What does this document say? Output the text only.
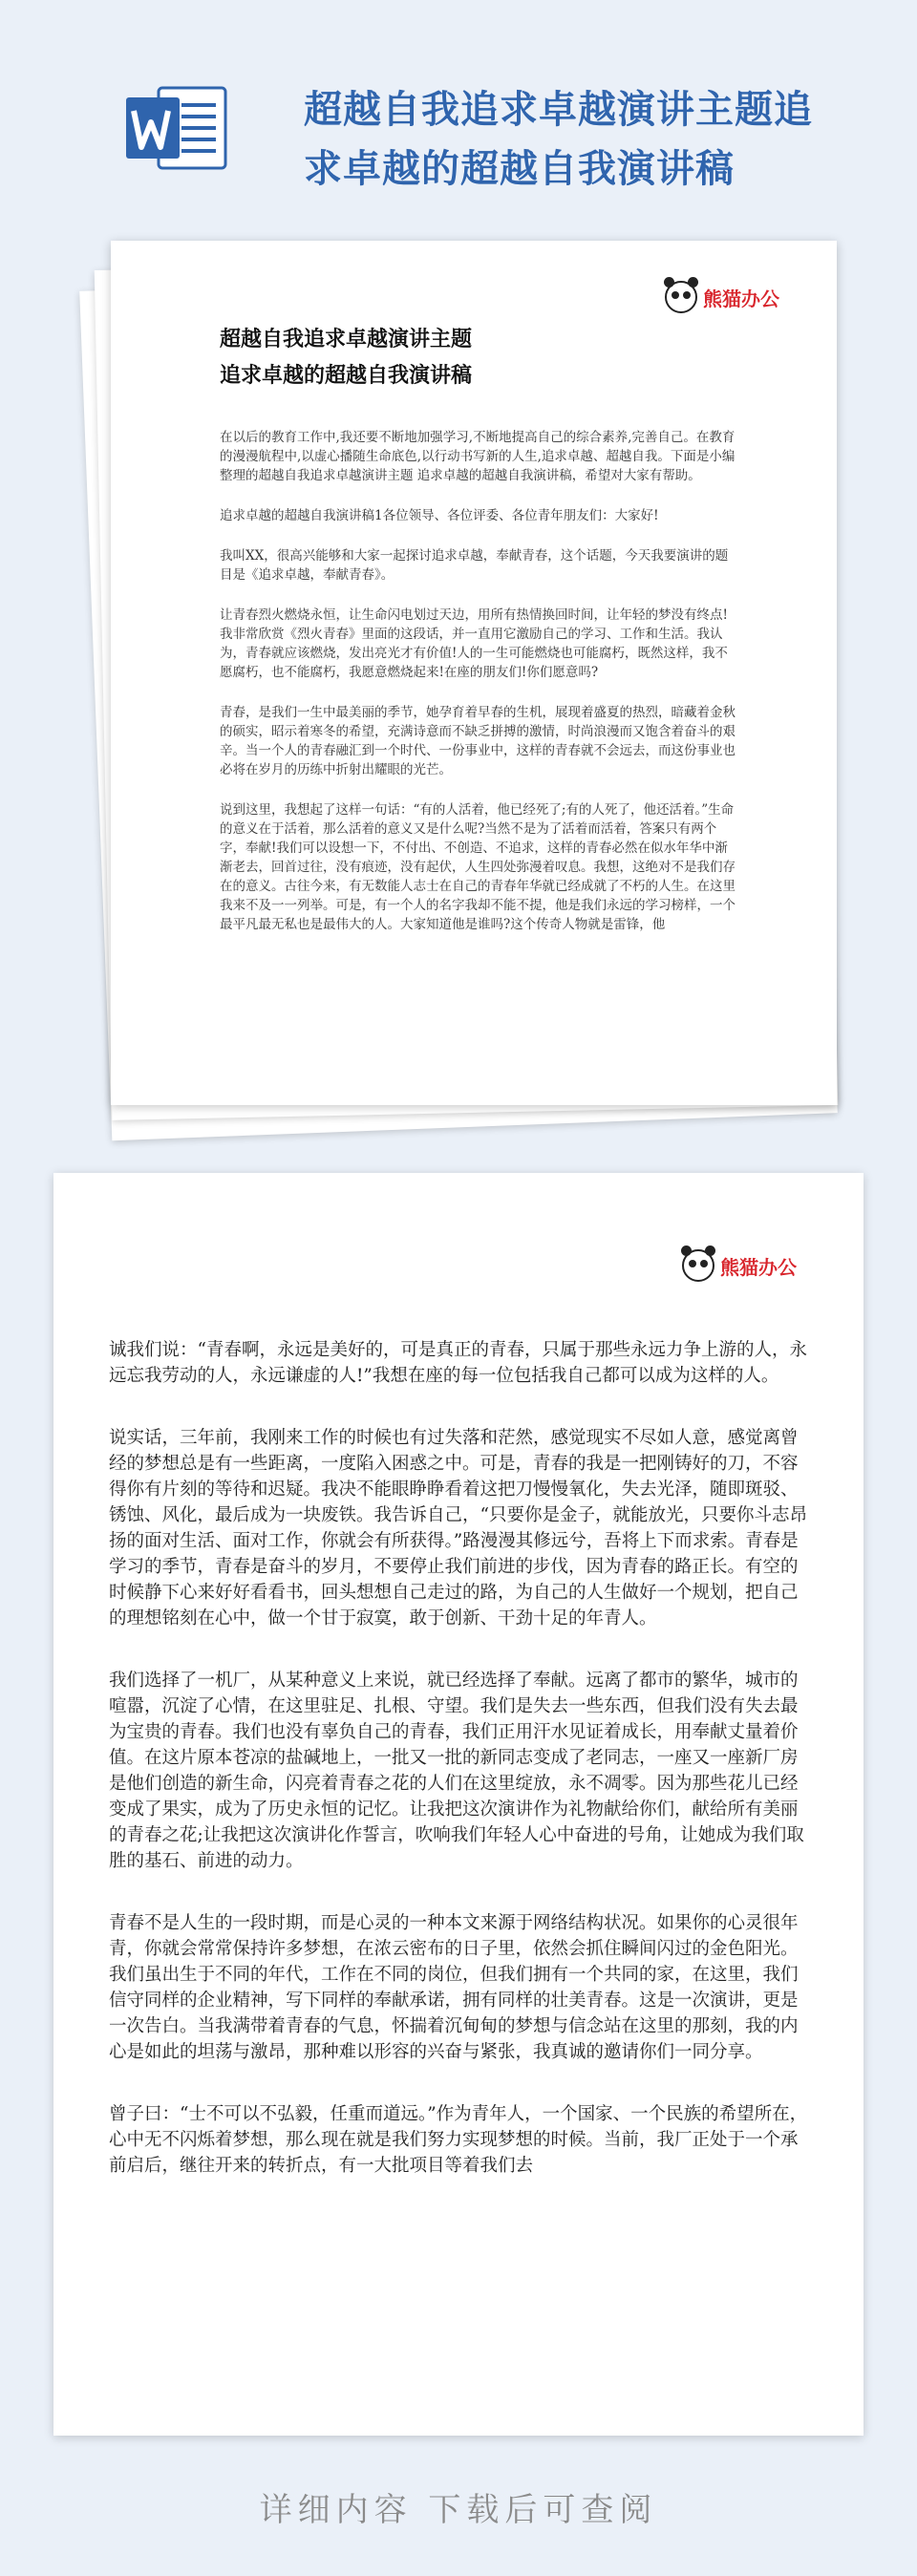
超越自我追求卓越演讲主题追
求卓越的超越自我演讲稿
熊猫办公
超越自我追求卓越演讲主题
追求卓越的超越自我演讲稿

在以后的教育工作中,我还要不断地加强学习,不断地提高自己的综合素养,完善自己。在教育的漫漫航程中,以虚心播随生命底色,以行动书写新的人生,追求卓越、超越自我。下面是小编整理的超越自我追求卓越演讲主题 追求卓越的超越自我演讲稿，希望对大家有帮助。

追求卓越的超越自我演讲稿1各位领导、各位评委、各位青年朋友们：大家好!

我叫XX，很高兴能够和大家一起探讨追求卓越，奉献青春，这个话题，今天我要演讲的题目是《追求卓越，奉献青春》。

让青春烈火燃烧永恒，让生命闪电划过天边，用所有热情换回时间，让年轻的梦没有终点!我非常欣赏《烈火青春》里面的这段话，并一直用它激励自己的学习、工作和生活。我认为，青春就应该燃烧，发出亮光才有价值!人的一生可能燃烧也可能腐朽，既然这样，我不愿腐朽，也不能腐朽，我愿意燃烧起来!在座的朋友们!你们愿意吗?

青春，是我们一生中最美丽的季节，她孕育着早春的生机，展现着盛夏的热烈，暗藏着金秋的硕实，昭示着寒冬的希望，充满诗意而不缺乏拼搏的激情，时尚浪漫而又饱含着奋斗的艰辛。当一个人的青春融汇到一个时代、一份事业中，这样的青春就不会远去，而这份事业也必将在岁月的历练中折射出耀眼的光芒。

说到这里，我想起了这样一句话：“有的人活着，他已经死了;有的人死了，他还活着。”生命的意义在于活着，那么活着的意义又是什么呢?当然不是为了活着而活着，答案只有两个字，奉献!我们可以设想一下，不付出、不创造、不追求，这样的青春必然在似水年华中渐渐老去，回首过往，没有痕迹，没有起伏，人生四处弥漫着叹息。我想，这绝对不是我们存在的意义。古往今来，有无数能人志士在自己的青春年华就已经成就了不朽的人生。在这里我来不及一一列举。可是，有一个人的名字我却不能不提，他是我们永远的学习榜样，一个最平凡最无私也是最伟大的人。大家知道他是谁吗?这个传奇人物就是雷锋，他

熊猫办公

诚我们说：“青春啊，永远是美好的，可是真正的青春，只属于那些永远力争上游的人，永远忘我劳动的人，永远谦虚的人!”我想在座的每一位包括我自己都可以成为这样的人。

说实话，三年前，我刚来工作的时候也有过失落和茫然，感觉现实不尽如人意，感觉离曾经的梦想总是有一些距离，一度陷入困惑之中。可是，青春的我是一把刚铸好的刀，不容得你有片刻的等待和迟疑。我决不能眼睁睁看着这把刀慢慢氧化，失去光泽，随即斑驳、锈蚀、风化，最后成为一块废铁。我告诉自己，“只要你是金子，就能放光，只要你斗志昂扬的面对生活、面对工作，你就会有所获得。”路漫漫其修远兮，吾将上下而求索。青春是学习的季节，青春是奋斗的岁月，不要停止我们前进的步伐，因为青春的路正长。有空的时候静下心来好好看看书，回头想想自己走过的路，为自己的人生做好一个规划，把自己的理想铭刻在心中，做一个甘于寂寞，敢于创新、干劲十足的年青人。

我们选择了一机厂，从某种意义上来说，就已经选择了奉献。远离了都市的繁华，城市的喧嚣，沉淀了心情，在这里驻足、扎根、守望。我们是失去一些东西，但我们没有失去最为宝贵的青春。我们也没有辜负自己的青春，我们正用汗水见证着成长，用奉献丈量着价值。在这片原本苍凉的盐碱地上，一批又一批的新同志变成了老同志，一座又一座新厂房是他们创造的新生命，闪亮着青春之花的人们在这里绽放，永不凋零。因为那些花儿已经变成了果实，成为了历史永恒的记忆。让我把这次演讲作为礼物献给你们，献给所有美丽的青春之花;让我把这次演讲化作誓言，吹响我们年轻人心中奋进的号角，让她成为我们取胜的基石、前进的动力。

青春不是人生的一段时期，而是心灵的一种本文来源于网络结构状况。如果你的心灵很年青，你就会常常保持许多梦想，在浓云密布的日子里，依然会抓住瞬间闪过的金色阳光。我们虽出生于不同的年代，工作在不同的岗位，但我们拥有一个共同的家，在这里，我们信守同样的企业精神，写下同样的奉献承诺，拥有同样的壮美青春。这是一次演讲，更是一次告白。当我满带着青春的气息，怀揣着沉甸甸的梦想与信念站在这里的那刻，我的内心是如此的坦荡与激昂，那种难以形容的兴奋与紧张，我真诚的邀请你们一同分享。

曾子曰：“士不可以不弘毅，任重而道远。”作为青年人，一个国家、一个民族的希望所在，心中无不闪烁着梦想，那么现在就是我们努力实现梦想的时候。当前，我厂正处于一个承前启后，继往开来的转折点，有一大批项目等着我们去

详细内容 下载后可查阅
